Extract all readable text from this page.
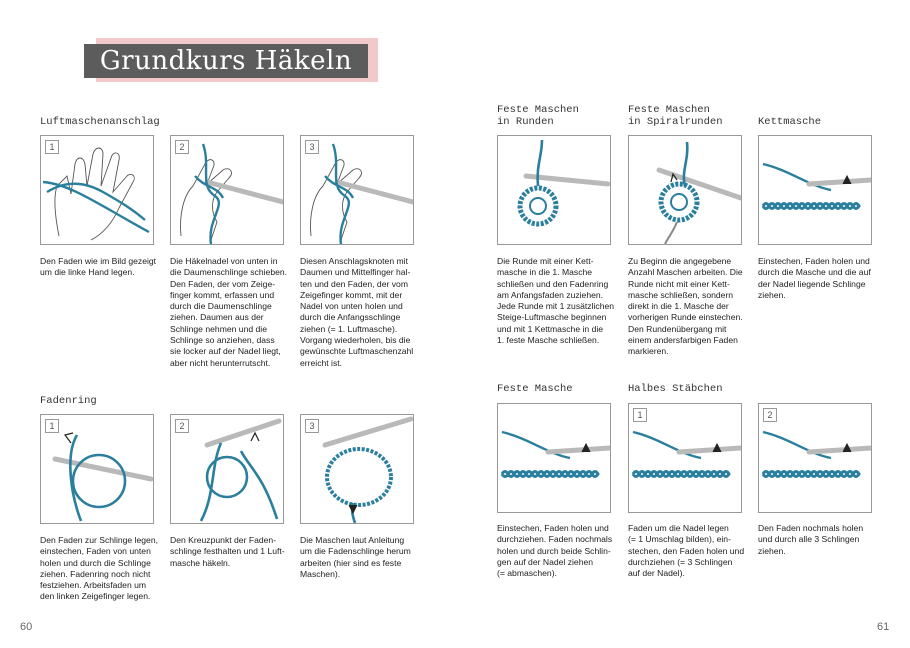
Grundkurs Häkeln
Luftmaschenanschlag
Fadenring
Feste Maschen
in Runden
Feste Maschen
in Spiralrunden	Kettmasche
Feste Masche	Halbes Stäbchen
1	2	3
1	2	3
1	2
Den Faden wie im Bild gezeigt
um die linke Hand legen.
Die Häkelnadel von unten in
die Daumenschlinge schieben.
Den Faden, der vom Zeige-
finger kommt, erfassen und
durch die Daumenschlinge
ziehen. Daumen aus der
Schlinge nehmen und die
Schlinge so anziehen, dass
sie locker auf der Nadel liegt,
aber nicht herunterrutscht.
Diesen Anschlagsknoten mit
Daumen und Mittelfinger hal-
ten und den Faden, der vom
Zeigefinger kommt, mit der
Nadel von unten holen und
durch die Anfangsschlinge
ziehen (= 1. Luftmasche).
Vorgang wiederholen, bis die
gewünschte Luftmaschenzahl
erreicht ist.
Den Faden zur Schlinge legen,
einstechen, Faden von unten
holen und durch die Schlinge
ziehen. Fadenring noch nicht
festziehen. Arbeitsfaden um
den linken Zeigefinger legen.
Den Kreuzpunkt der Faden-
schlinge festhalten und 1 Luft-
masche häkeln.
Die Maschen laut Anleitung
um die Fadenschlinge herum
arbeiten (hier sind es feste
Maschen).
Die Runde mit einer Kett-
masche in die 1. Masche
schließen und den Fadenring
am Anfangsfaden zuziehen.
Jede Runde mit 1 zusätzlichen
Steige-Luftmasche beginnen
und mit 1 Kettmasche in die
1. feste Masche schließen.
Zu Beginn die angegebene
Anzahl Maschen arbeiten. Die
Runde nicht mit einer Kett-
masche schließen, sondern
direkt in die 1. Masche der
vorherigen Runde einstechen.
Den Rundenübergang mit
einem andersfarbigen Faden
markieren.
Einstechen, Faden holen und
durch die Masche und die auf
der Nadel liegende Schlinge
ziehen.
Einstechen, Faden holen und
durchziehen. Faden nochmals
holen und durch beide Schlin-
gen auf der Nadel ziehen
(= abmaschen).
Faden um die Nadel legen
(= 1 Umschlag bilden), ein-
stechen, den Faden holen und
durchziehen (= 3 Schlingen
auf der Nadel).
Den Faden nochmals holen
und durch alle 3 Schlingen
ziehen.
60	61
